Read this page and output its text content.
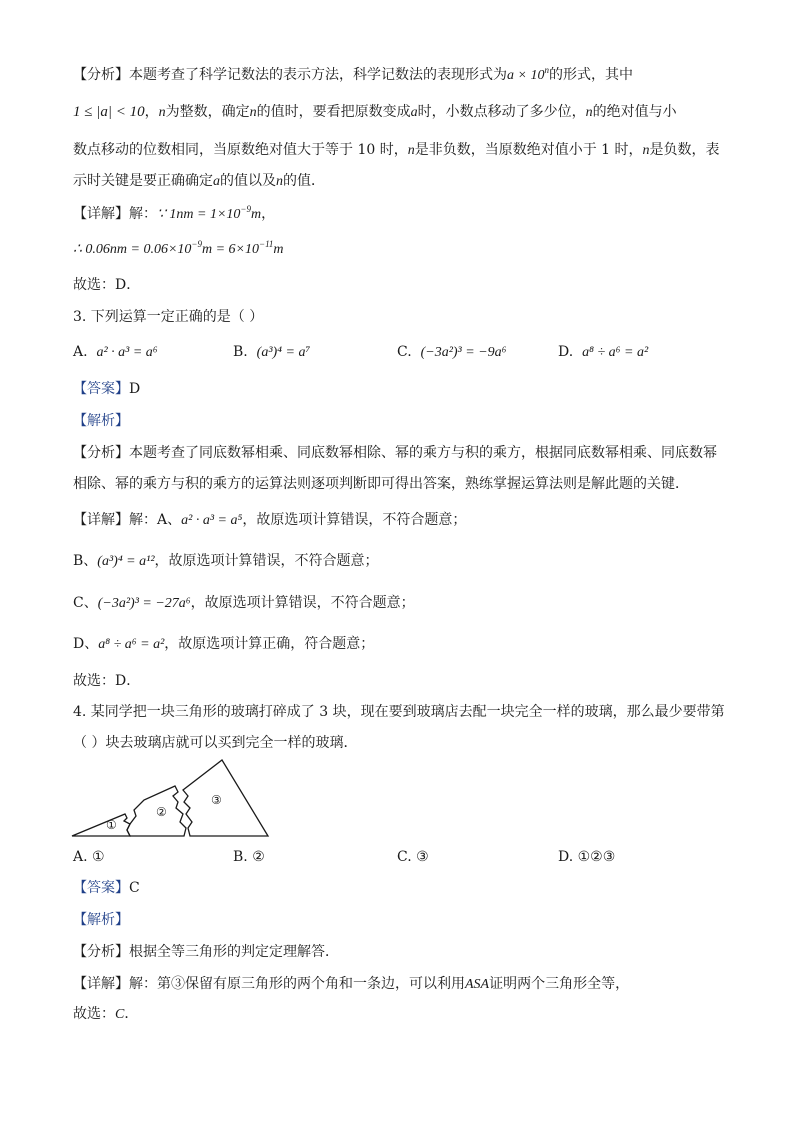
【分析】本题考查了科学记数法的表示方法，科学记数法的表现形式为$a \times 10^n$的形式，其中
1 ≤ |a| < 10，n为整数，确定n的值时，要看把原数变成a时，小数点移动了多少位，n的绝对值与小
数点移动的位数相同，当原数绝对值大于等于 10 时，n是非负数，当原数绝对值小于 1 时，n是负数，表
示时关键是要正确确定a的值以及n的值．
【详解】解：∵ $1nm = 1\times 10^{-9}m$，
∴ $0.06nm = 0.06\times 10^{-9}m = 6\times 10^{-11}m$
故选：D．
3. 下列运算一定正确的是（ ）
A. a² · a³ = a⁶	B. (a³)⁴ = a⁷	C. (−3a²)³ = −9a⁶	D. a⁸ ÷ a⁶ = a²
【答案】D
【解析】
【分析】本题考查了同底数幂相乘、同底数幂相除、幂的乘方与积的乘方，根据同底数幂相乘、同底数幂
相除、幂的乘方与积的乘方的运算法则逐项判断即可得出答案，熟练掌握运算法则是解此题的关键．
【详解】解：A、a² · a³ = a⁵，故原选项计算错误，不符合题意；
B、(a³)⁴ = a¹²，故原选项计算错误，不符合题意；
C、(−3a²)³ = −27a⁶，故原选项计算错误，不符合题意；
D、a⁸ ÷ a⁶ = a²，故原选项计算正确，符合题意；
故选：D．
4. 某同学把一块三角形的玻璃打碎成了 3 块，现在要到玻璃店去配一块完全一样的玻璃，那么最少要带第
（ ）块去玻璃店就可以买到完全一样的玻璃．
①
②
③
A. ①	B. ②	C. ③	D. ①②③
【答案】C
【解析】
【分析】根据全等三角形的判定定理解答．
【详解】解：第③保留有原三角形的两个角和一条边，可以利用ASA证明两个三角形全等，
故选：C．
